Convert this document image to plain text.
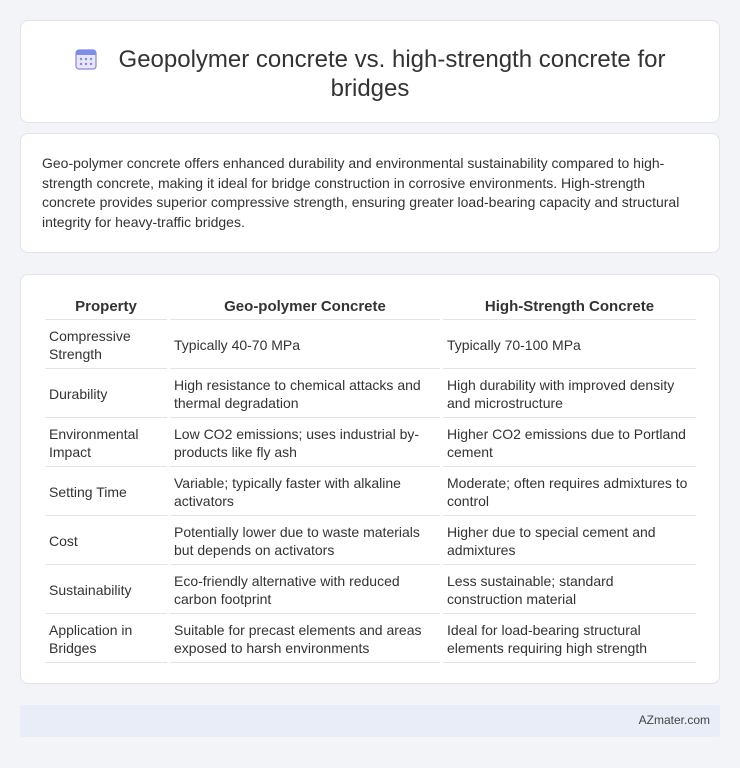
Geopolymer concrete vs. high-strength concrete for bridges

Geo-polymer concrete offers enhanced durability and environmental sustainability compared to high-strength concrete, making it ideal for bridge construction in corrosive environments. High-strength concrete provides superior compressive strength, ensuring greater load-bearing capacity and structural integrity for heavy-traffic bridges.

Property	Geo-polymer Concrete	High-Strength Concrete
Compressive Strength	Typically 40-70 MPa	Typically 70-100 MPa
Durability	High resistance to chemical attacks and thermal degradation	High durability with improved density and microstructure
Environmental Impact	Low CO2 emissions; uses industrial by-products like fly ash	Higher CO2 emissions due to Portland cement
Setting Time	Variable; typically faster with alkaline activators	Moderate; often requires admixtures to control
Cost	Potentially lower due to waste materials but depends on activators	Higher due to special cement and admixtures
Sustainability	Eco-friendly alternative with reduced carbon footprint	Less sustainable; standard construction material
Application in Bridges	Suitable for precast elements and areas exposed to harsh environments	Ideal for load-bearing structural elements requiring high strength
AZmater.com
